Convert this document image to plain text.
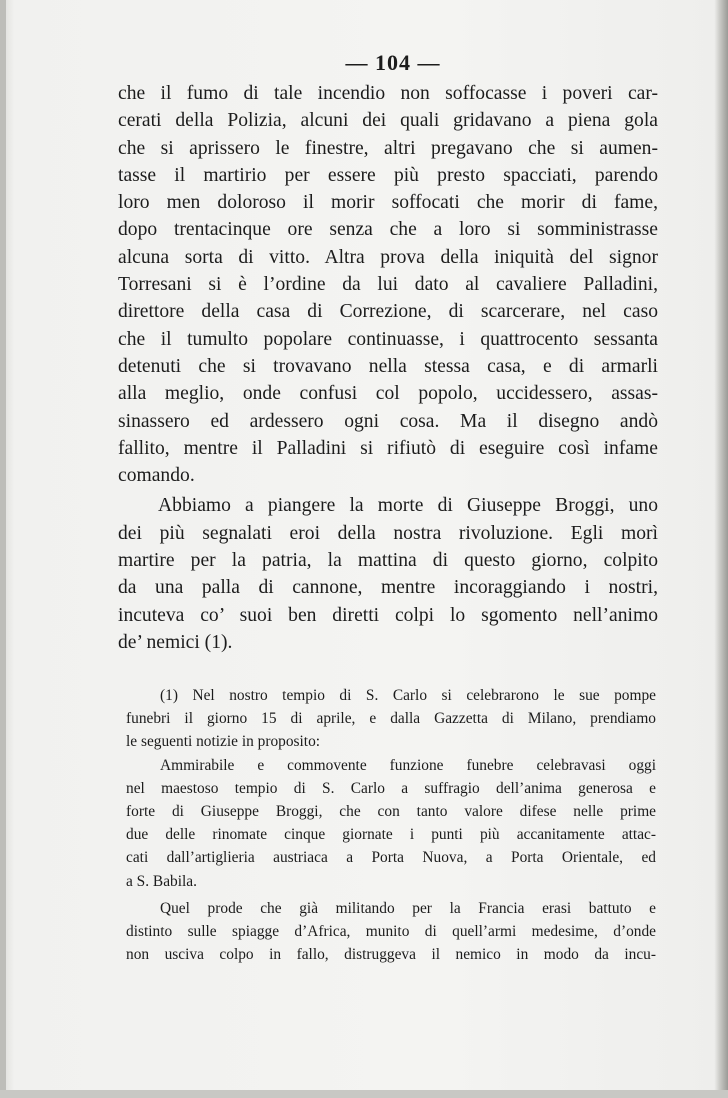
— 104 —
che il fumo di tale incendio non soffocasse i poveri car-
cerati della Polizia, alcuni dei quali gridavano a piena gola
che si aprissero le finestre, altri pregavano che si aumen-
tasse il martirio per essere più presto spacciati, parendo
loro men doloroso il morir soffocati che morir di fame,
dopo trentacinque ore senza che a loro si somministrasse
alcuna sorta di vitto. Altra prova della iniquità del signor
Torresani si è l’ordine da lui dato al cavaliere Palladini,
direttore della casa di Correzione, di scarcerare, nel caso
che il tumulto popolare continuasse, i quattrocento sessanta
detenuti che si trovavano nella stessa casa, e di armarli
alla meglio, onde confusi col popolo, uccidessero, assas-
sinassero ed ardessero ogni cosa. Ma il disegno andò
fallito, mentre il Palladini si rifiutò di eseguire così infame
comando.
Abbiamo a piangere la morte di Giuseppe Broggi, uno
dei più segnalati eroi della nostra rivoluzione. Egli morì
martire per la patria, la mattina di questo giorno, colpito
da una palla di cannone, mentre incoraggiando i nostri,
incuteva co’ suoi ben diretti colpi lo sgomento nell’animo
de’ nemici (1).
(1) Nel nostro tempio di S. Carlo si celebrarono le sue pompe
funebri il giorno 15 di aprile, e dalla Gazzetta di Milano, prendiamo
le seguenti notizie in proposito:
Ammirabile e commovente funzione funebre celebravasi oggi
nel maestoso tempio di S. Carlo a suffragio dell’anima generosa e
forte di Giuseppe Broggi, che con tanto valore difese nelle prime
due delle rinomate cinque giornate i punti più accanitamente attac-
cati dall’artiglieria austriaca a Porta Nuova, a Porta Orientale, ed
a S. Babila.
Quel prode che già militando per la Francia erasi battuto e
distinto sulle spiagge d’Africa, munito di quell’armi medesime, d’onde
non usciva colpo in fallo, distruggeva il nemico in modo da incu-
